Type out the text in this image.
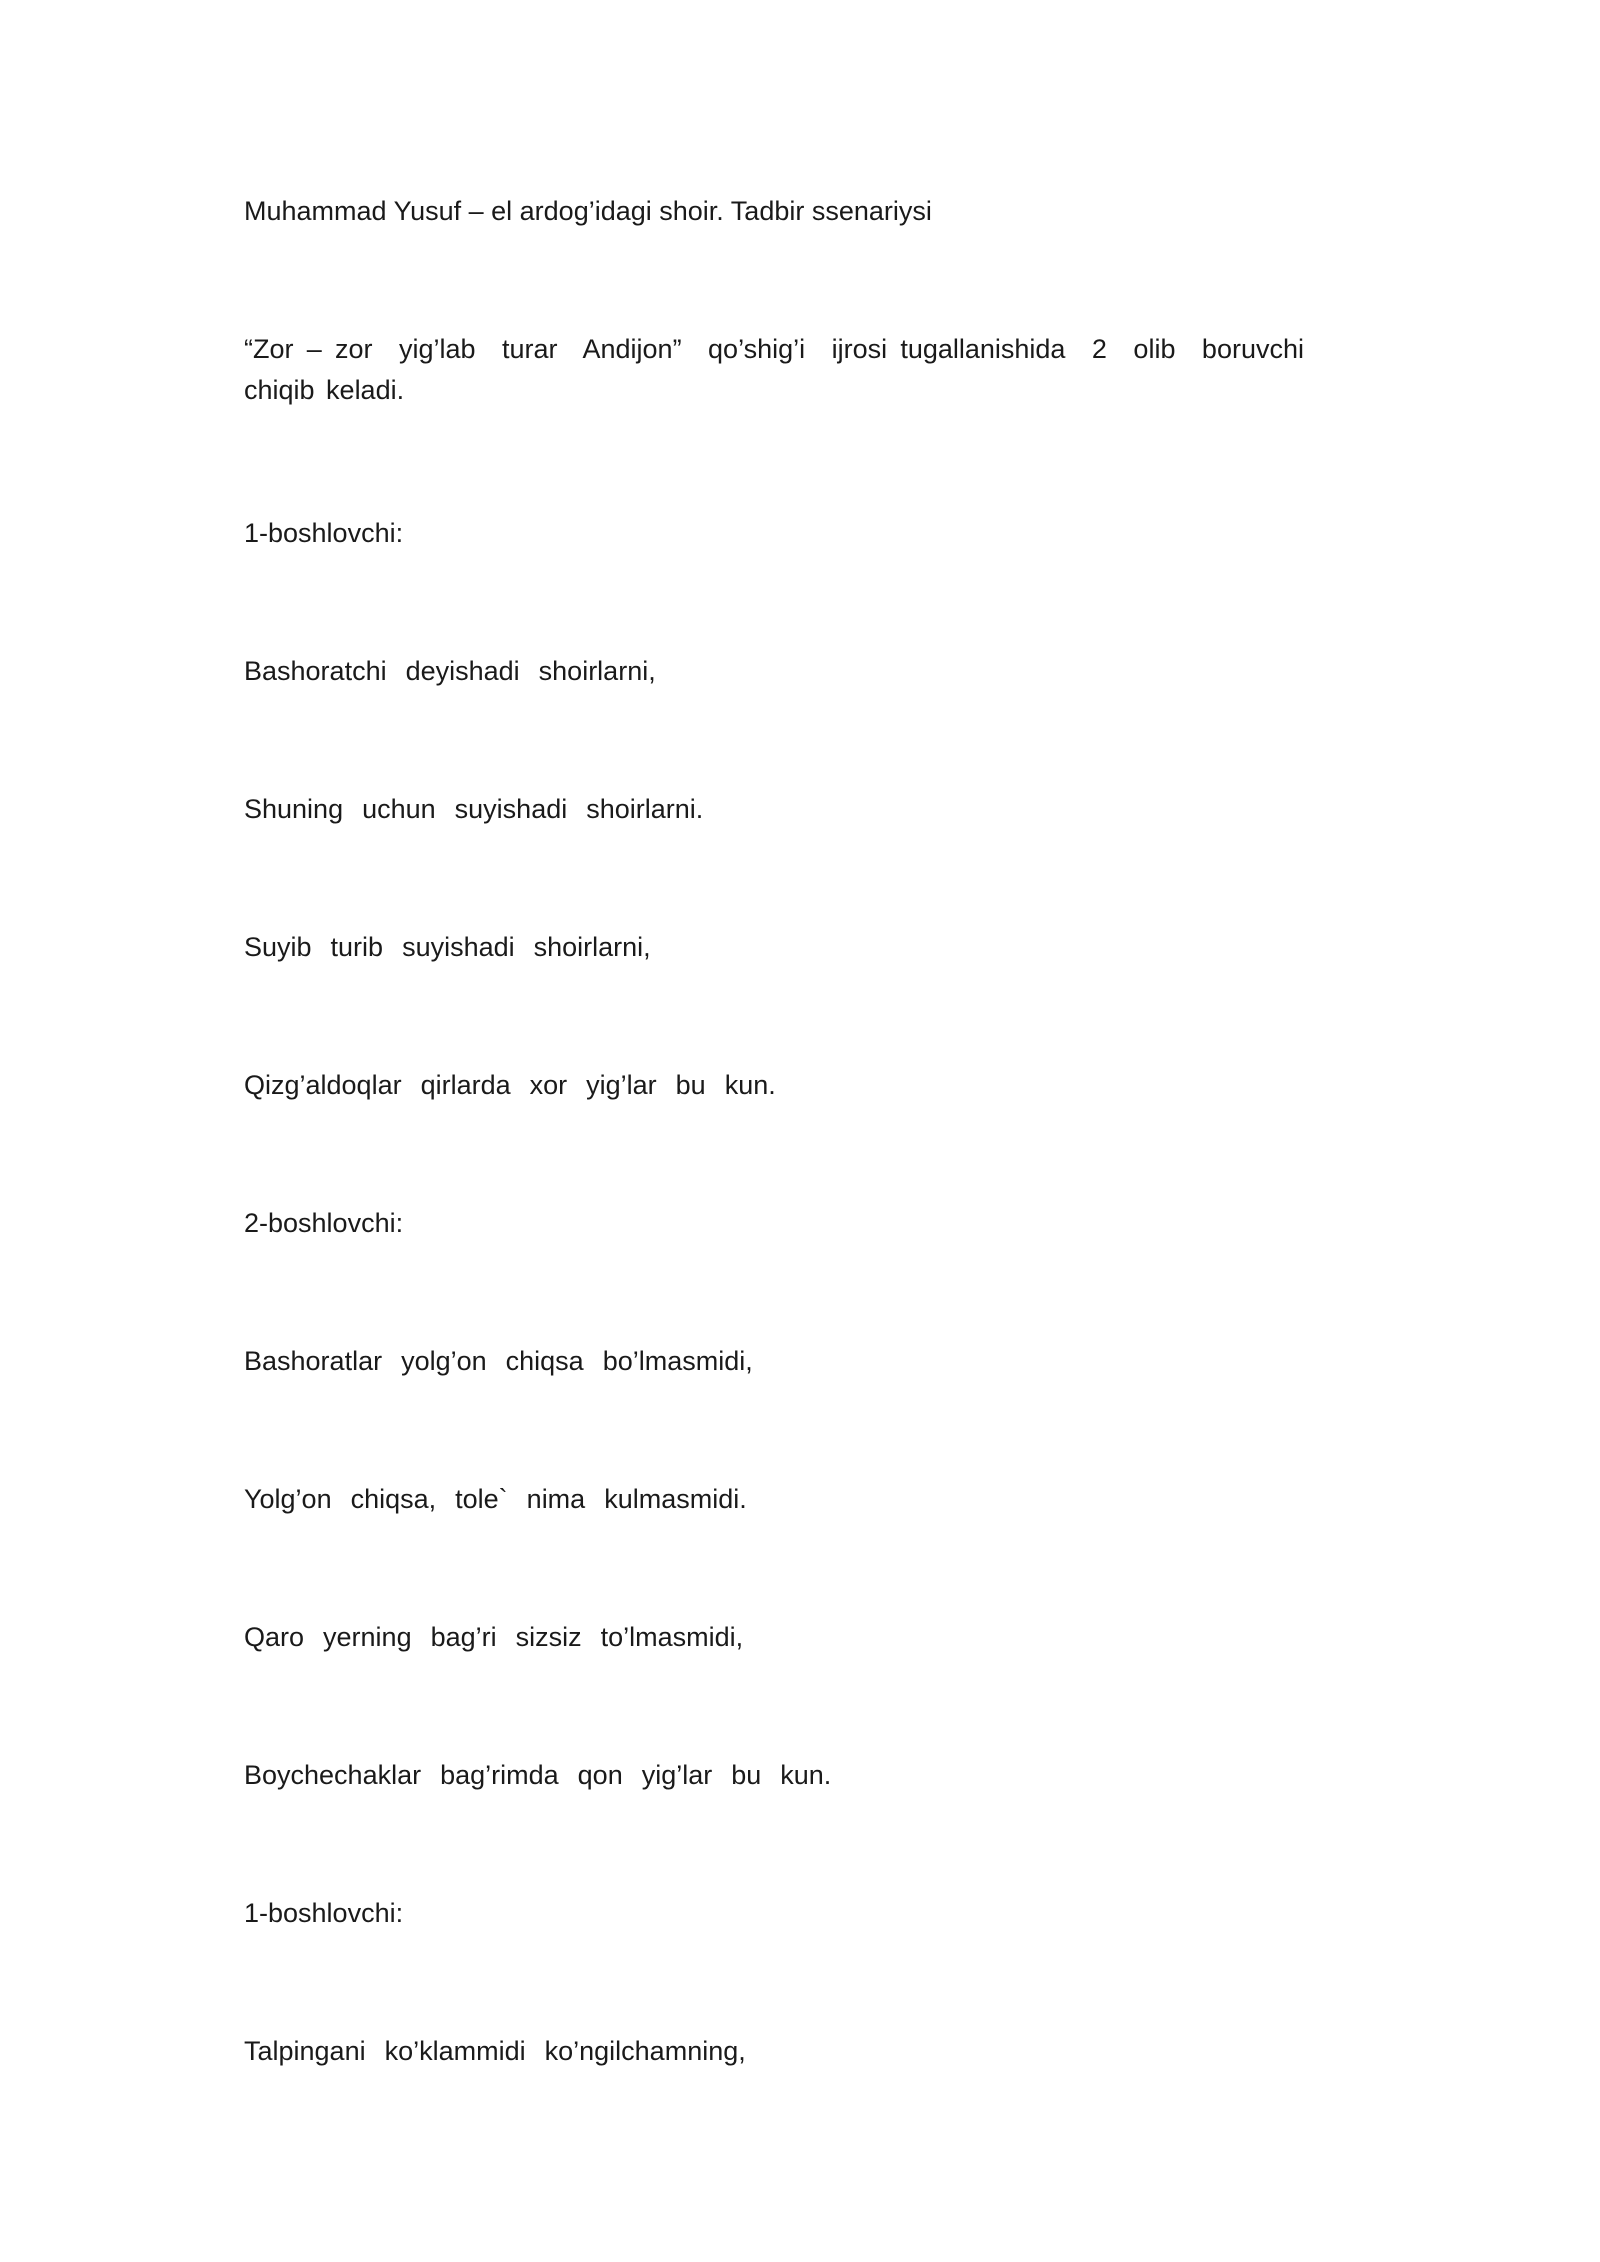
Muhammad Yusuf – el ardog’idagi shoir. Tadbir ssenariysi

“Zor – zor  yig’lab  turar  Andijon”  qo’shig’i  ijrosi tugallanishida  2  olib  boruvchi  chiqib keladi.

1-boshlovchi:

Bashoratchi  deyishadi  shoirlarni,

Shuning  uchun  suyishadi  shoirlarni.

Suyib  turib  suyishadi  shoirlarni,

Qizg’aldoqlar  qirlarda  xor  yig’lar  bu  kun.

2-boshlovchi:

Bashoratlar  yolg’on  chiqsa  bo’lmasmidi,

Yolg’on  chiqsa,  tole`  nima  kulmasmidi.

Qaro  yerning  bag’ri  sizsiz  to’lmasmidi,

Boychechaklar  bag’rimda  qon  yig’lar  bu  kun.

1-boshlovchi:

Talpingani  ko’klammidi  ko’ngilchamning,
